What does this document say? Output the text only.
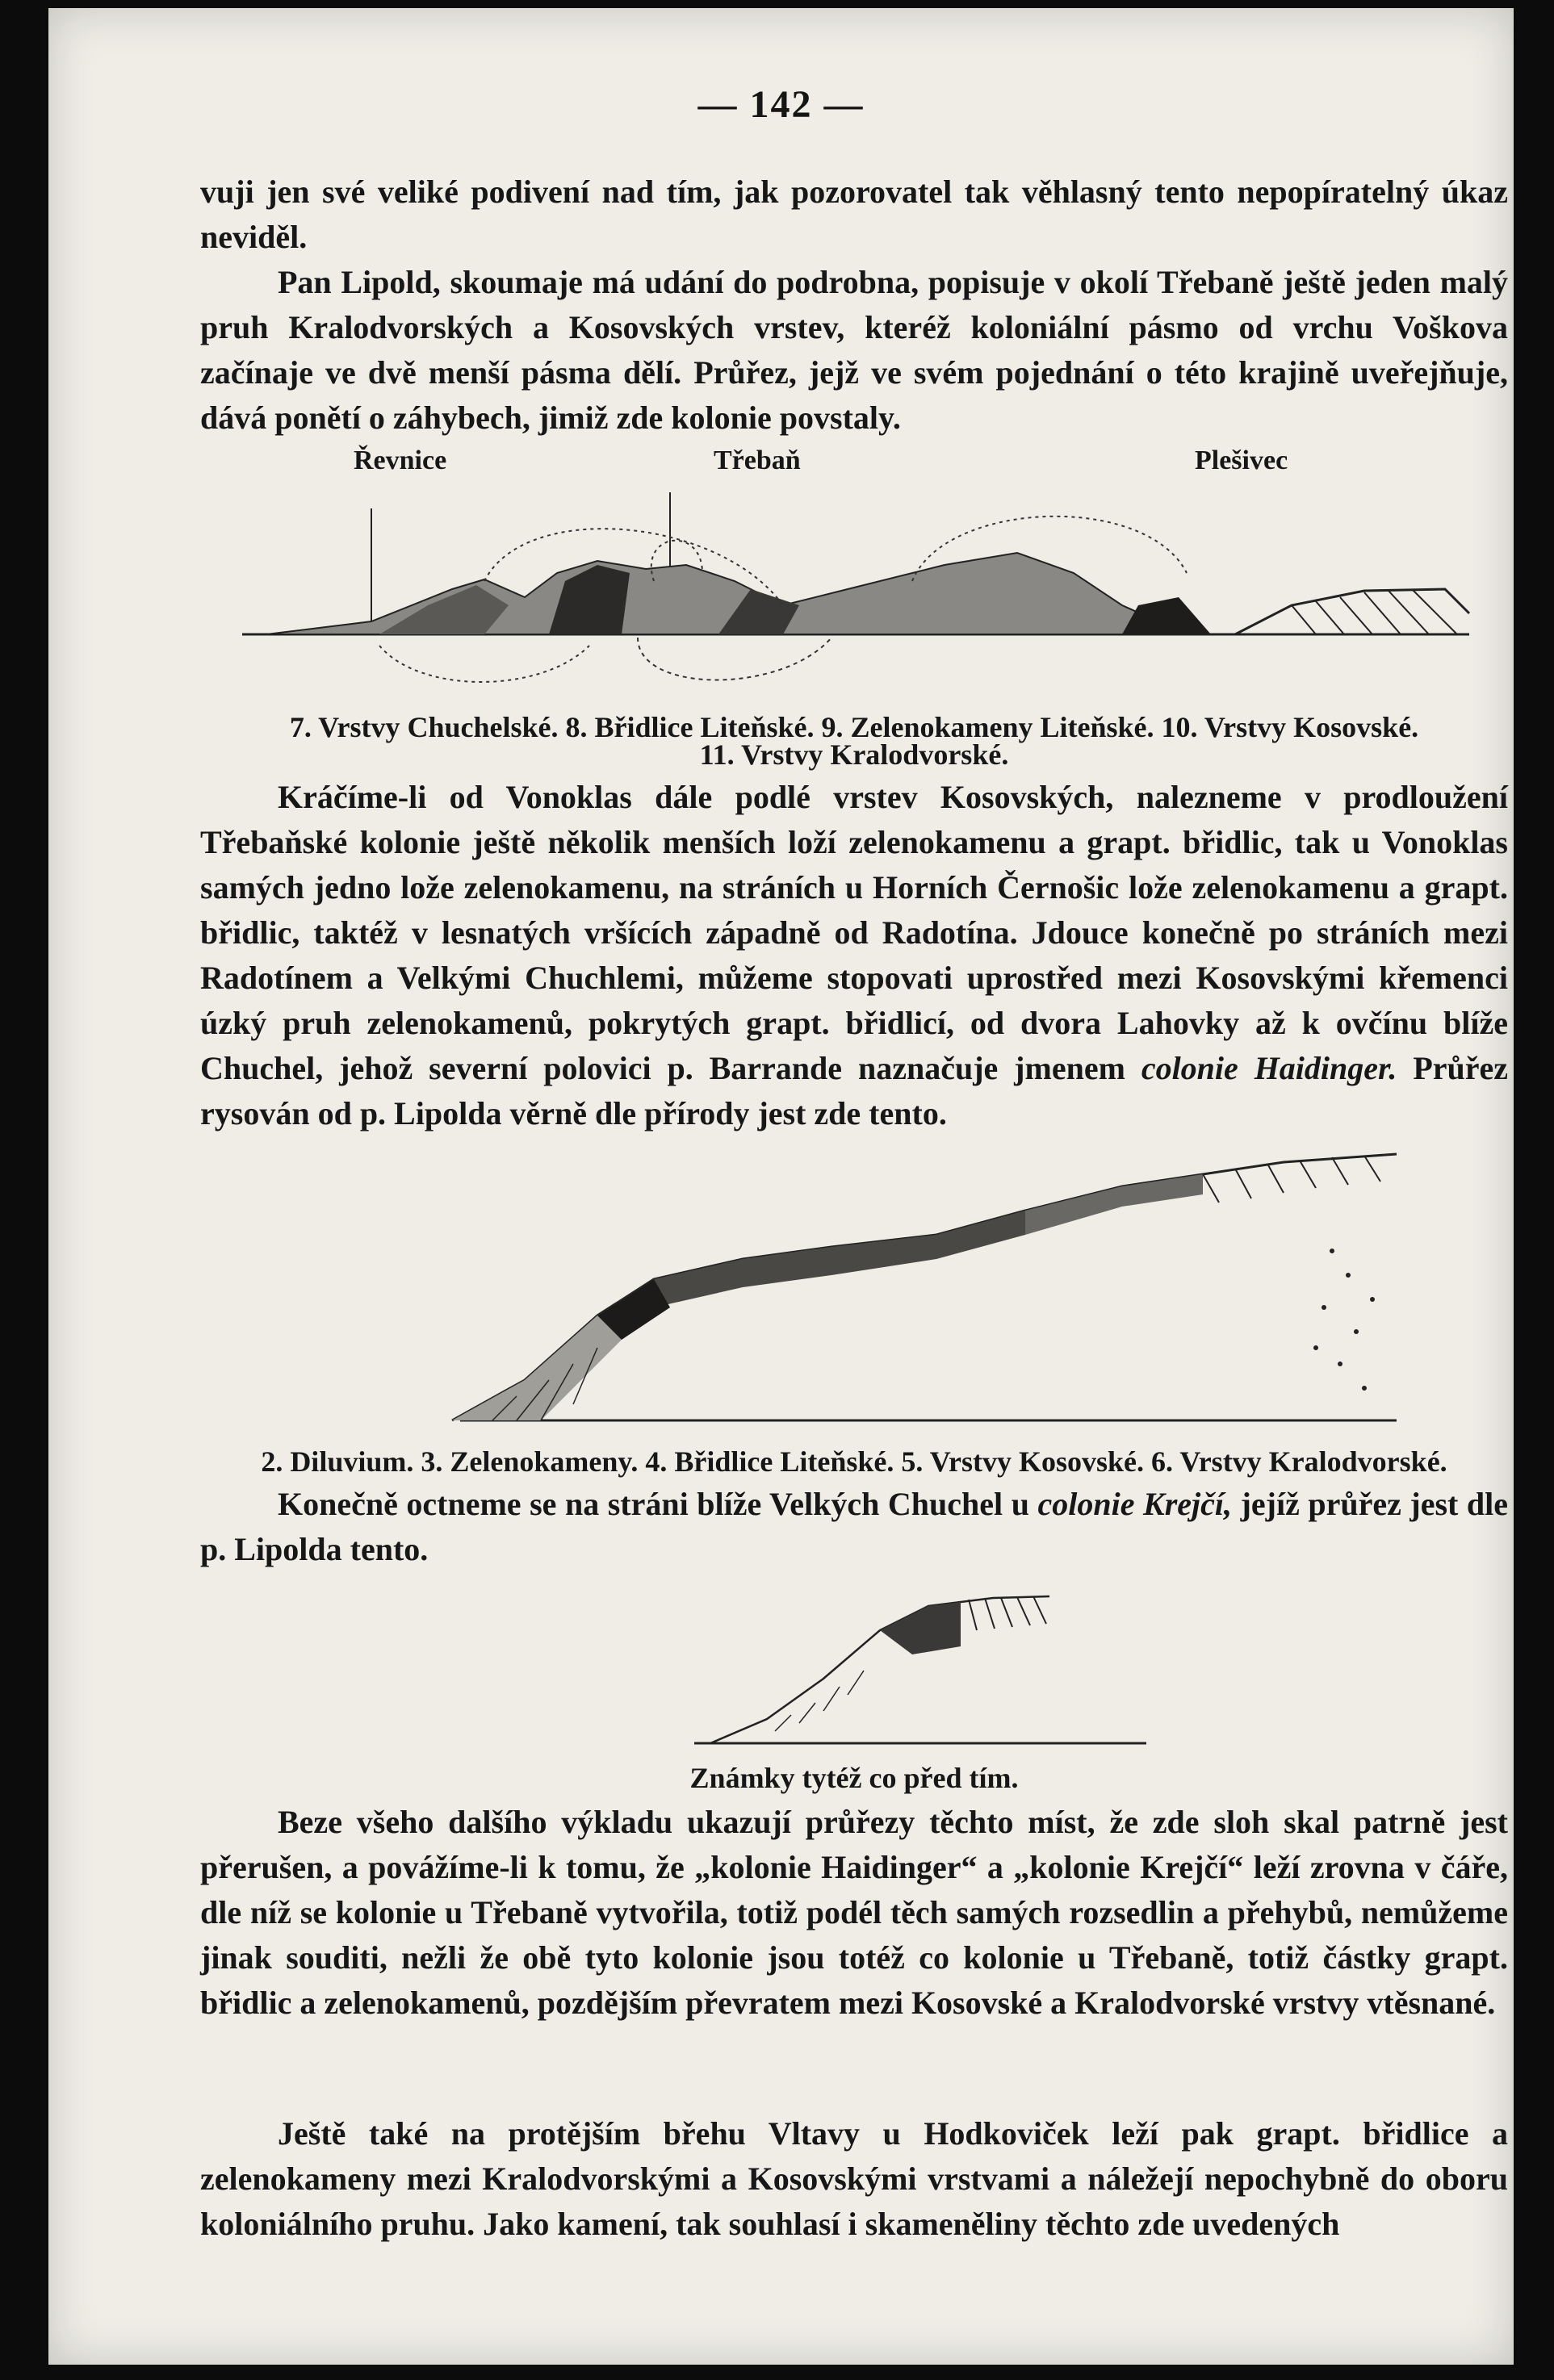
— 142 —

vuji jen své veliké podivení nad tím, jak pozorovatel tak věhlasný tento nepopíratelný úkaz neviděl.

Pan Lipold, skoumaje má udání do podrobna, popisuje v okolí Třebaně ještě jeden malý pruh Kralodvorských a Kosovských vrstev, kteréž koloniální pásmo od vrchu Voškova začínaje ve dvě menší pásma dělí. Průřez, jejž ve svém pojednání o této krajině uveřejňuje, dává ponětí o záhybech, jimiž zde kolonie povstaly.

Řevnice	Třebaň	Plešivec

7. Vrstvy Chuchelské. 8. Břidlice Liteňské. 9. Zelenokameny Liteňské. 10. Vrstvy Kosovské.

11. Vrstvy Kralodvorské.

Kráčíme-li od Vonoklas dále podlé vrstev Kosovských, nalezneme v prodloužení Třebaňské kolonie ještě několik menších loží zelenokamenu a grapt. břidlic, tak u Vonoklas samých jedno lože zelenokamenu, na stráních u Horních Černošic lože zelenokamenu a grapt. břidlic, taktéž v lesnatých vršících západně od Radotína. Jdouce konečně po stráních mezi Radotínem a Velkými Chuchlemi, můžeme stopovati uprostřed mezi Kosovskými křemenci úzký pruh zelenokamenů, pokrytých grapt. břidlicí, od dvora Lahovky až k ovčínu blíže Chuchel, jehož severní polovici p. Barrande naznačuje jmenem colonie Haidinger. Průřez rysován od p. Lipolda věrně dle přírody jest zde tento.

2. Diluvium. 3. Zelenokameny. 4. Břidlice Liteňské. 5. Vrstvy Kosovské. 6. Vrstvy Kralodvorské.

Konečně octneme se na stráni blíže Velkých Chuchel u colonie Krejčí, jejíž průřez jest dle p. Lipolda tento.

Známky tytéž co před tím.

Beze všeho dalšího výkladu ukazují průřezy těchto míst, že zde sloh skal patrně jest přerušen, a povážíme-li k tomu, že „kolonie Haidinger“ a „kolonie Krejčí“ leží zrovna v čáře, dle níž se kolonie u Třebaně vytvořila, totiž podél těch samých rozsedlin a přehybů, nemůžeme jinak souditi, nežli že obě tyto kolonie jsou totéž co kolonie u Třebaně, totiž částky grapt. břidlic a zelenokamenů, pozdějším převratem mezi Kosovské a Kralodvorské vrstvy vtěsnané.

Ještě také na protějším břehu Vltavy u Hodkoviček leží pak grapt. břidlice a zelenokameny mezi Kralodvorskými a Kosovskými vrstvami a náležejí nepochybně do oboru koloniálního pruhu. Jako kamení, tak souhlasí i skameněliny těchto zde uvedených
